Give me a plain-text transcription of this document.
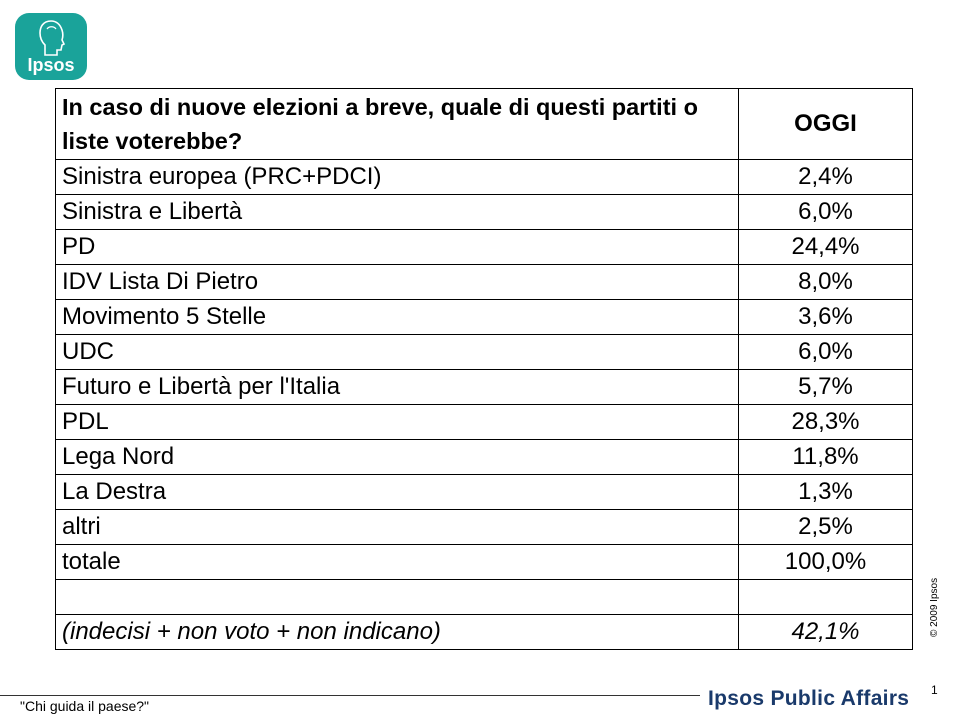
Ipsos
In caso di nuove elezioni a breve, quale di questi partiti o liste voterebbe?	OGGI
Sinistra europea (PRC+PDCI)	2,4%
Sinistra e Libertà	6,0%
PD	24,4%
IDV Lista Di Pietro	8,0%
Movimento 5 Stelle	3,6%
UDC	6,0%
Futuro e Libertà per l'Italia	5,7%
PDL	28,3%
Lega Nord	11,8%
La Destra	1,3%
altri	2,5%
totale	100,0%

(indecisi + non voto + non indicano)	42,1%	© 2009 Ipsos
"Chi guida il paese?"	Ipsos Public Affairs 1
